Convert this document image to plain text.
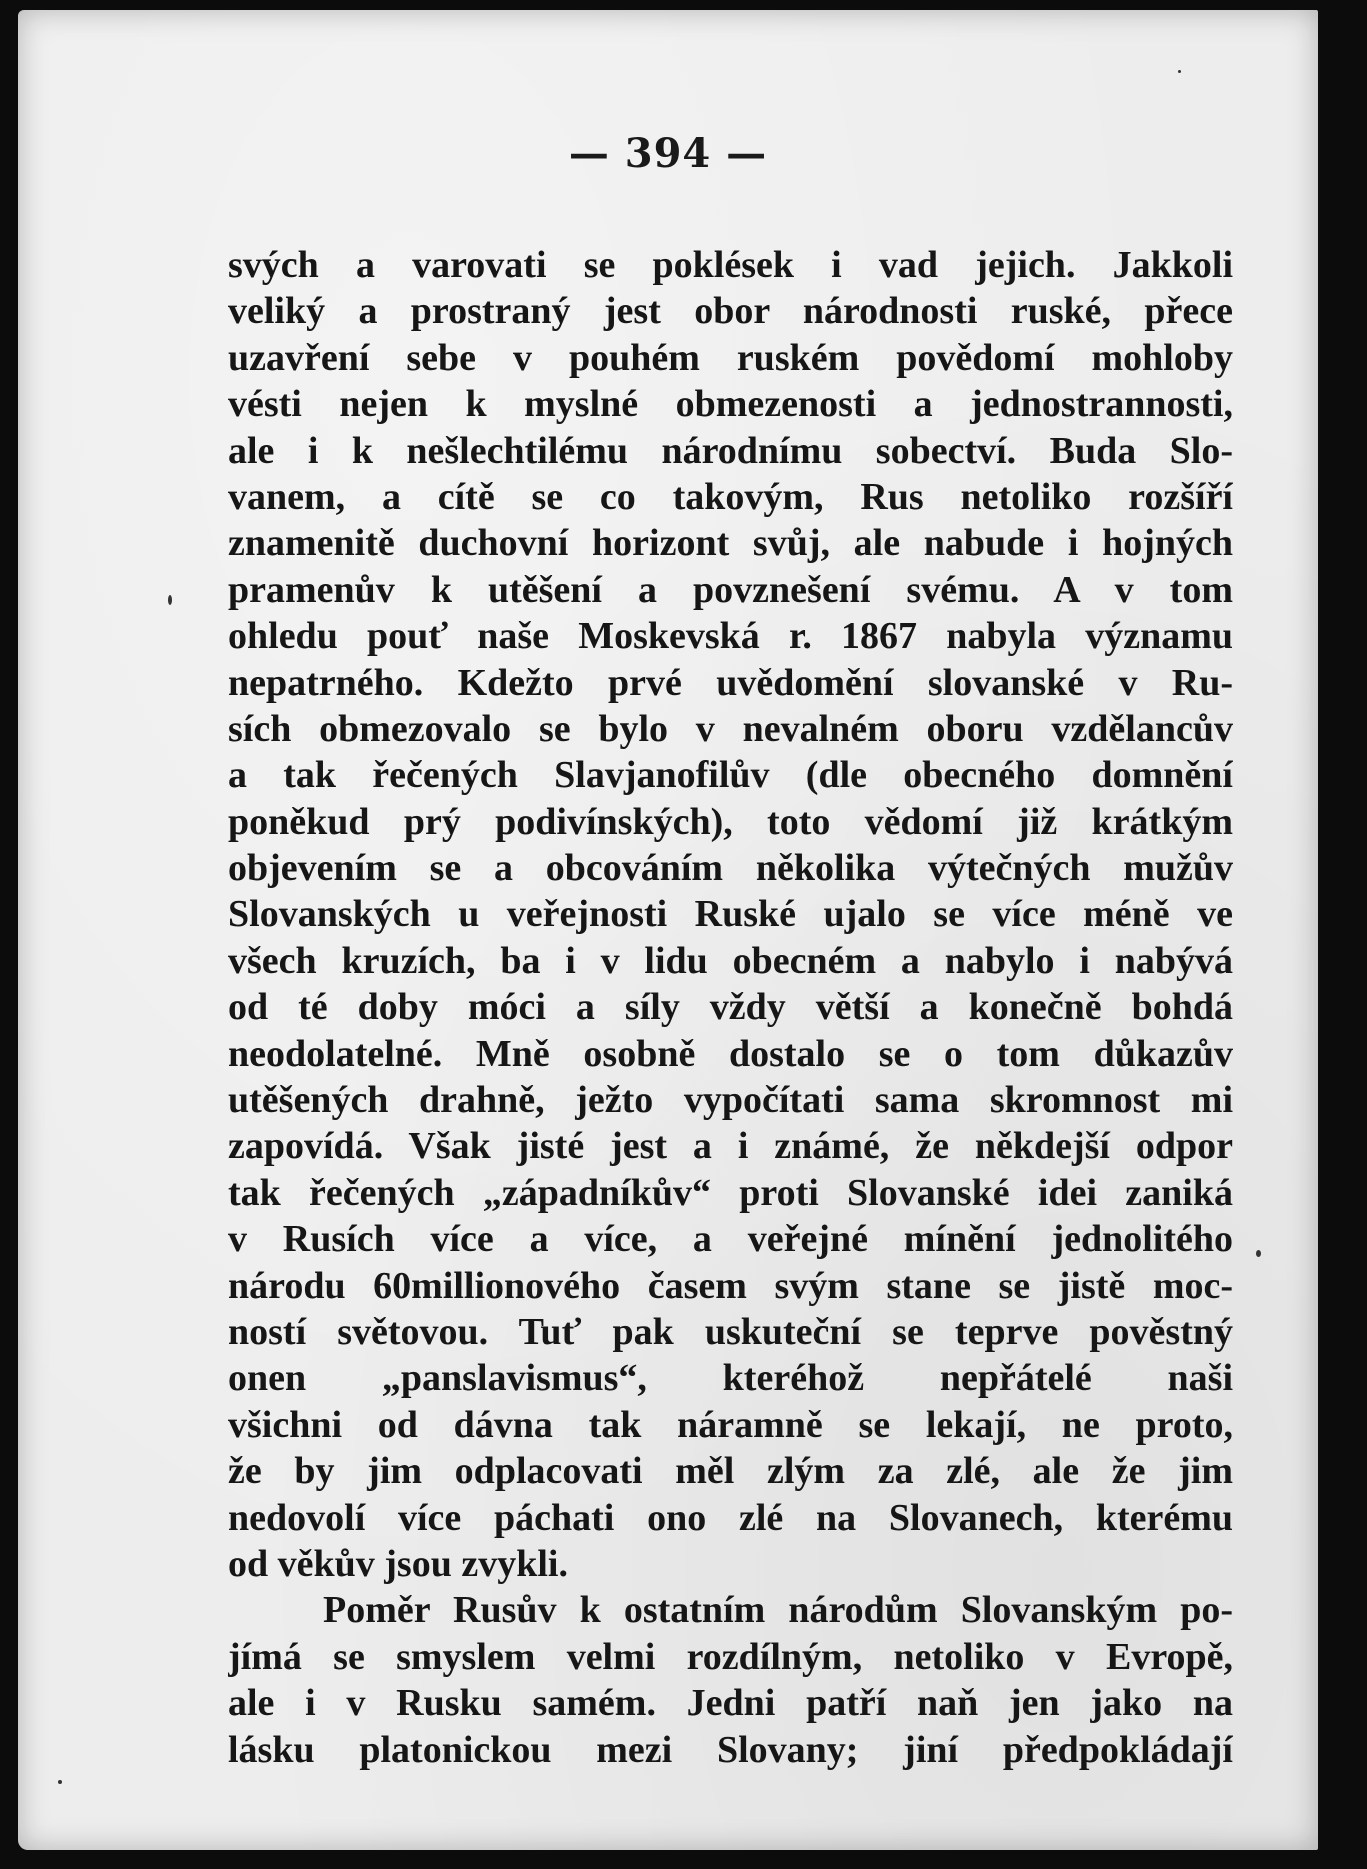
— 394 —
svých a varovati se poklések i vad jejich. Jakkoli
veliký a prostraný jest obor národnosti ruské, přece
uzavření sebe v pouhém ruském povědomí mohloby
vésti nejen k myslné obmezenosti a jednostrannosti,
ale i k nešlechtilému národnímu sobectví. Buda Slo-
vanem, a cítě se co takovým, Rus netoliko rozšíří
znamenitě duchovní horizont svůj, ale nabude i hojných
pramenův k utěšení a povznešení svému. A v tom
ohledu pouť naše Moskevská r. 1867 nabyla významu
nepatrného. Kdežto prvé uvědomění slovanské v Ru-
sích obmezovalo se bylo v nevalném oboru vzdělancův
a tak řečených Slavjanofilův (dle obecného domnění
poněkud prý podivínských), toto vědomí již krátkým
objevením se a obcováním několika výtečných mužův
Slovanských u veřejnosti Ruské ujalo se více méně ve
všech kruzích, ba i v lidu obecném a nabylo i nabývá
od té doby móci a síly vždy větší a konečně bohdá
neodolatelné. Mně osobně dostalo se o tom důkazův
utěšených drahně, ježto vypočítati sama skromnost mi
zapovídá. Však jisté jest a i známé, že někdejší odpor
tak řečených „západníkův“ proti Slovanské idei zaniká
v Rusích více a více, a veřejné mínění jednolitého
národu 60millionového časem svým stane se jistě moc-
ností světovou. Tuť pak uskuteční se teprve pověstný
onen „panslavismus“, kteréhož nepřátelé naši
všichni od dávna tak náramně se lekají, ne proto,
že by jim odplacovati měl zlým za zlé, ale že jim
nedovolí více páchati ono zlé na Slovanech, kterému
od věkův jsou zvykli.
Poměr Rusův k ostatním národům Slovanským po-
jímá se smyslem velmi rozdílným, netoliko v Evropě,
ale i v Rusku samém. Jedni patří naň jen jako na
lásku platonickou mezi Slovany; jiní předpokládají
